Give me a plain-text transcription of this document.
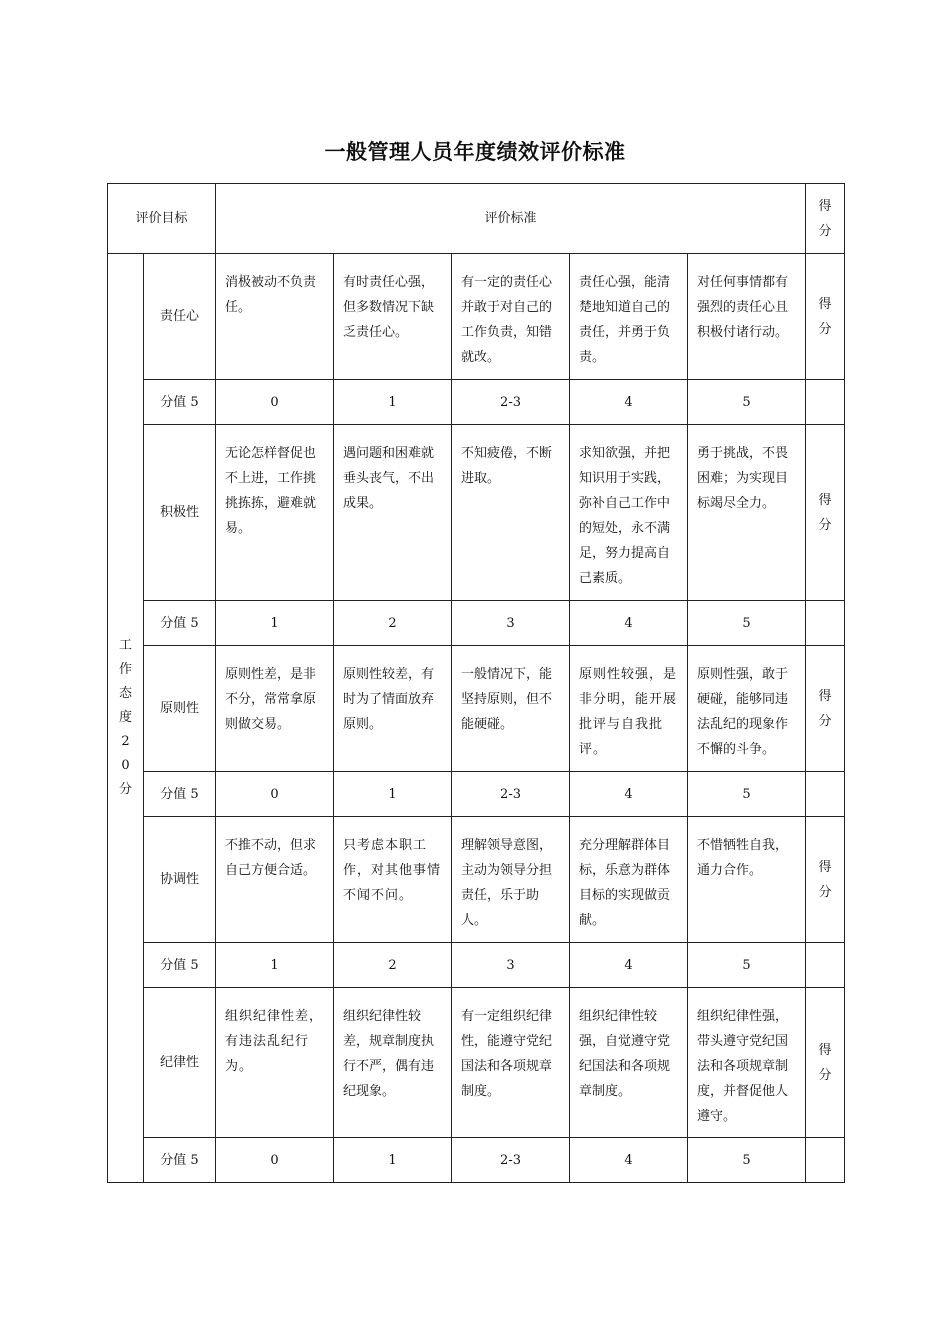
一般管理人员年度绩效评价标准
评价目标		评价标准					得分
工作态度20分	责任心	消极被动不负责任。	有时责任心强，但多数情况下缺乏责任心。	有一定的责任心并敢于对自己的工作负责，知错就改。	责任心强，能清楚地知道自己的责任，并勇于负责。	对任何事情都有强烈的责任心且积极付诸行动。	得分
	分值 5	0	1	2-3	4	5	
	积极性	无论怎样督促也不上进，工作挑挑拣拣，避难就易。	遇问题和困难就垂头丧气，不出成果。	不知疲倦，不断进取。	求知欲强，并把知识用于实践，弥补自己工作中的短处，永不满足，努力提高自己素质。	勇于挑战，不畏困难；为实现目标竭尽全力。	得分
	分值 5	1	2	3	4	5	
	原则性	原则性差，是非不分，常常拿原则做交易。	原则性较差，有时为了情面放弃原则。	一般情况下，能坚持原则，但不能硬碰。	原则性较强，是非分明，能开展批评与自我批评。	原则性强，敢于硬碰，能够同违法乱纪的现象作不懈的斗争。	得分
	分值 5	0	1	2-3	4	5	
	协调性	不推不动，但求自己方便合适。	只考虑本职工作，对其他事情不闻不问。	理解领导意图，主动为领导分担责任，乐于助人。	充分理解群体目标，乐意为群体目标的实现做贡献。	不惜牺牲自我，通力合作。	得分
	分值 5	1	2	3	4	5	
	纪律性	组织纪律性差，有违法乱纪行为。	组织纪律性较差，规章制度执行不严，偶有违纪现象。	有一定组织纪律性，能遵守党纪国法和各项规章制度。	组织纪律性较强，自觉遵守党纪国法和各项规章制度。	组织纪律性强，带头遵守党纪国法和各项规章制度，并督促他人遵守。	得分
	分值 5	0	1	2-3	4	5	
